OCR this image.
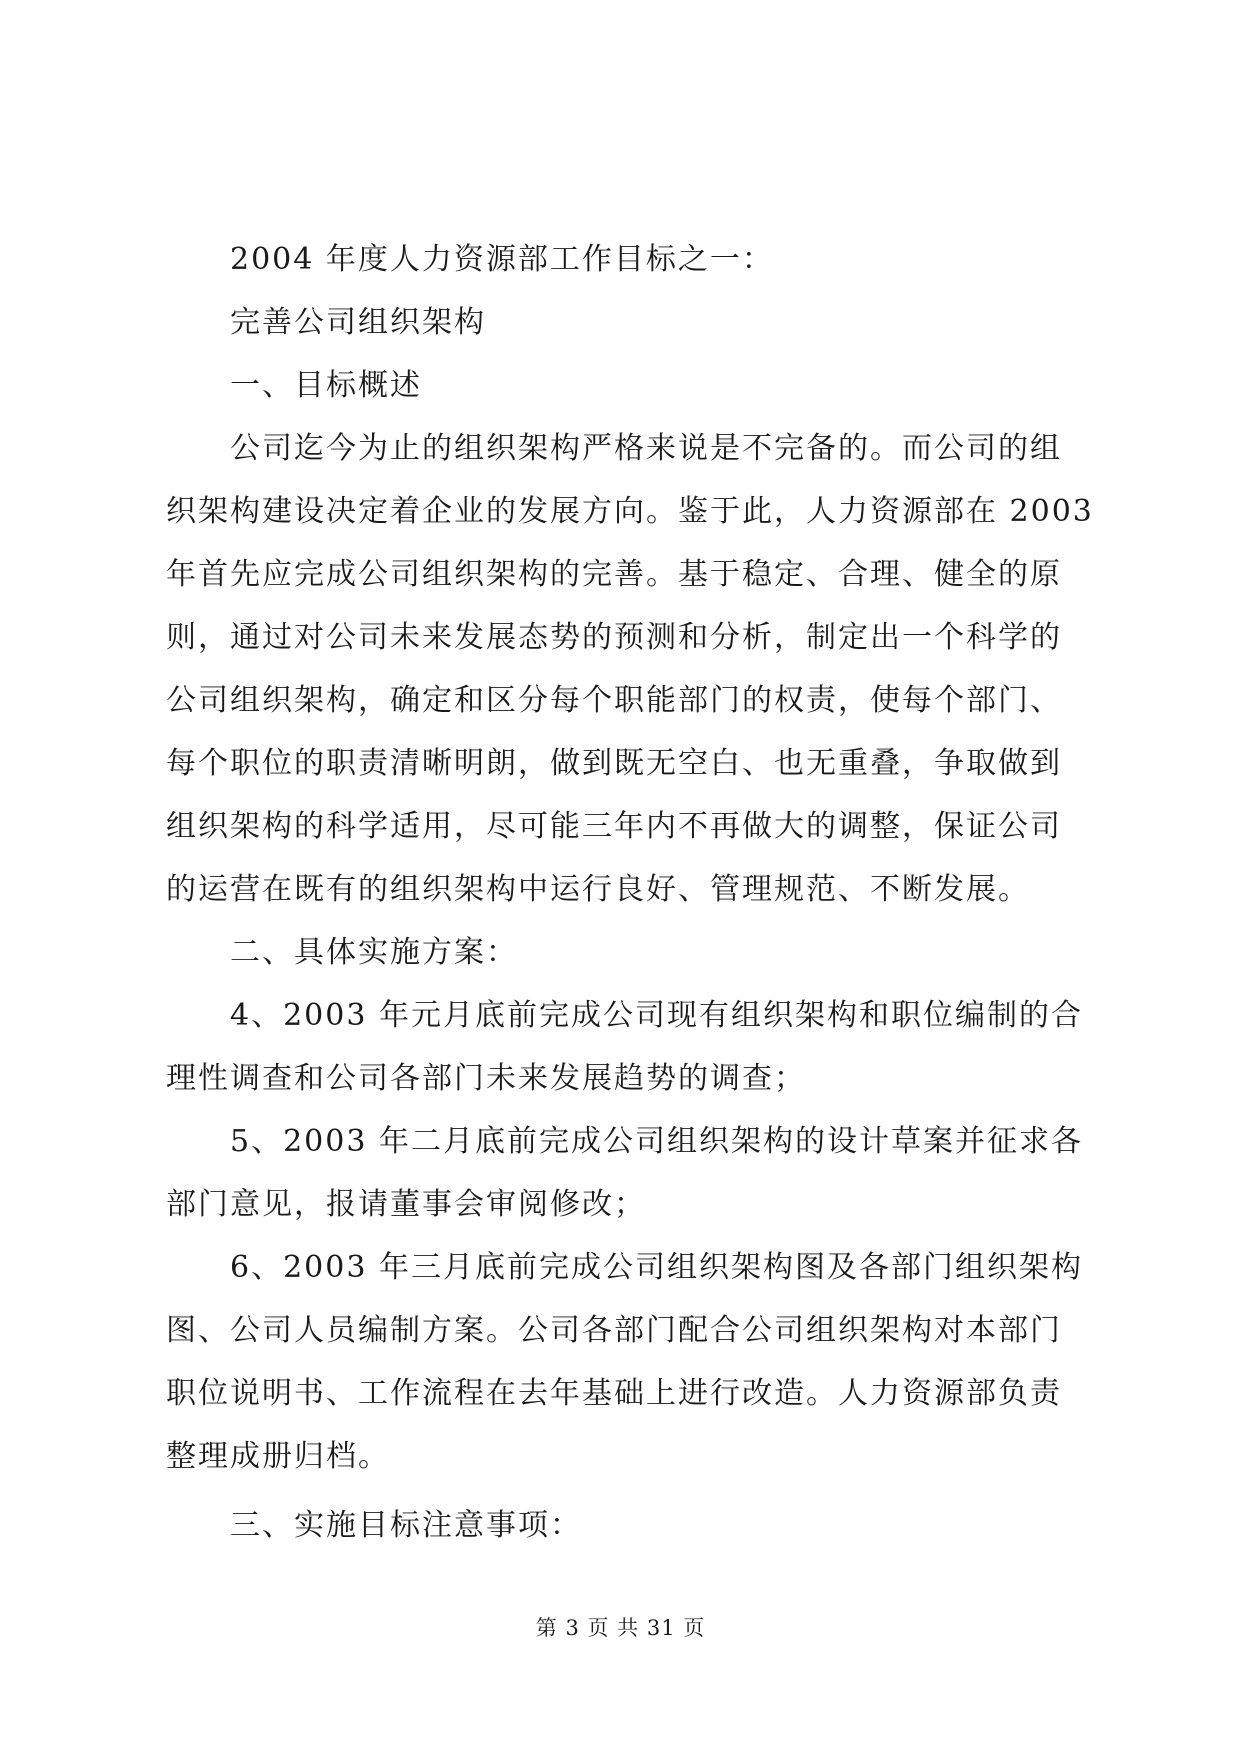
2004 年度人力资源部工作目标之一：
完善公司组织架构
一、目标概述
公司迄今为止的组织架构严格来说是不完备的。而公司的组
织架构建设决定着企业的发展方向。鉴于此，人力资源部在 2003
年首先应完成公司组织架构的完善。基于稳定、合理、健全的原
则，通过对公司未来发展态势的预测和分析，制定出一个科学的
公司组织架构，确定和区分每个职能部门的权责，使每个部门、
每个职位的职责清晰明朗，做到既无空白、也无重叠，争取做到
组织架构的科学适用，尽可能三年内不再做大的调整，保证公司
的运营在既有的组织架构中运行良好、管理规范、不断发展。
二、具体实施方案：
4、2003 年元月底前完成公司现有组织架构和职位编制的合
理性调查和公司各部门未来发展趋势的调查；
5、2003 年二月底前完成公司组织架构的设计草案并征求各
部门意见，报请董事会审阅修改；
6、2003 年三月底前完成公司组织架构图及各部门组织架构
图、公司人员编制方案。公司各部门配合公司组织架构对本部门
职位说明书、工作流程在去年基础上进行改造。人力资源部负责
整理成册归档。
三、实施目标注意事项：
第 3 页 共 31 页
